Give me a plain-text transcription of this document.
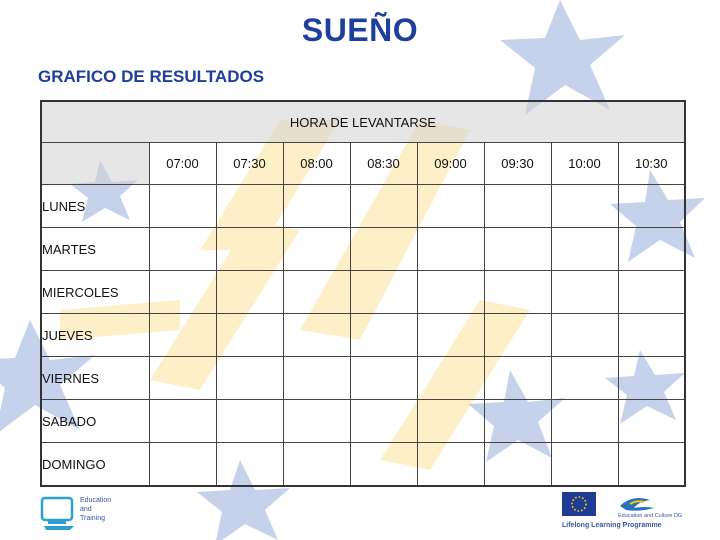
SUEÑO
GRAFICO DE RESULTADOS
HORA DE LEVANTARSE								
	07:00	07:30	08:00	08:30	09:00	09:30	10:00	10:30
LUNES								
MARTES								
MIERCOLES								
JUEVES								
VIERNES								
SABADO								
DOMINGO								
Education
and
Training	Education and Culture DG
Lifelong Learning Programme
